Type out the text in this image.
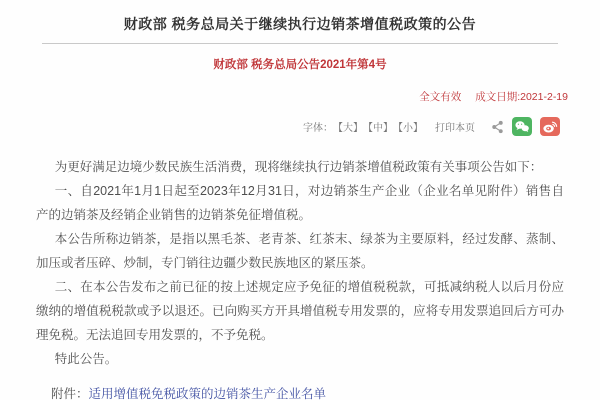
财政部 税务总局关于继续执行边销茶增值税政策的公告
财政部 税务总局公告2021年第4号
全文有效 成文日期:2021-2-19
字体： 【大】 【中】 【小】 打印本页

为更好满足边境少数民族生活消费，现将继续执行边销茶增值税政策有关事项公告如下：

一、自2021年1月1日起至2023年12月31日，对边销茶生产企业（企业名单见附件）销售自产的边销茶及经销企业销售的边销茶免征增值税。

本公告所称边销茶，是指以黑毛茶、老青茶、红茶末、绿茶为主要原料，经过发酵、蒸制、加压或者压碎、炒制，专门销往边疆少数民族地区的紧压茶。

二、在本公告发布之前已征的按上述规定应予免征的增值税税款，可抵减纳税人以后月份应缴纳的增值税税款或予以退还。已向购买方开具增值税专用发票的，应将专用发票追回后方可办理免税。无法追回专用发票的，不予免税。

特此公告。

附件：适用增值税免税政策的边销茶生产企业名单
